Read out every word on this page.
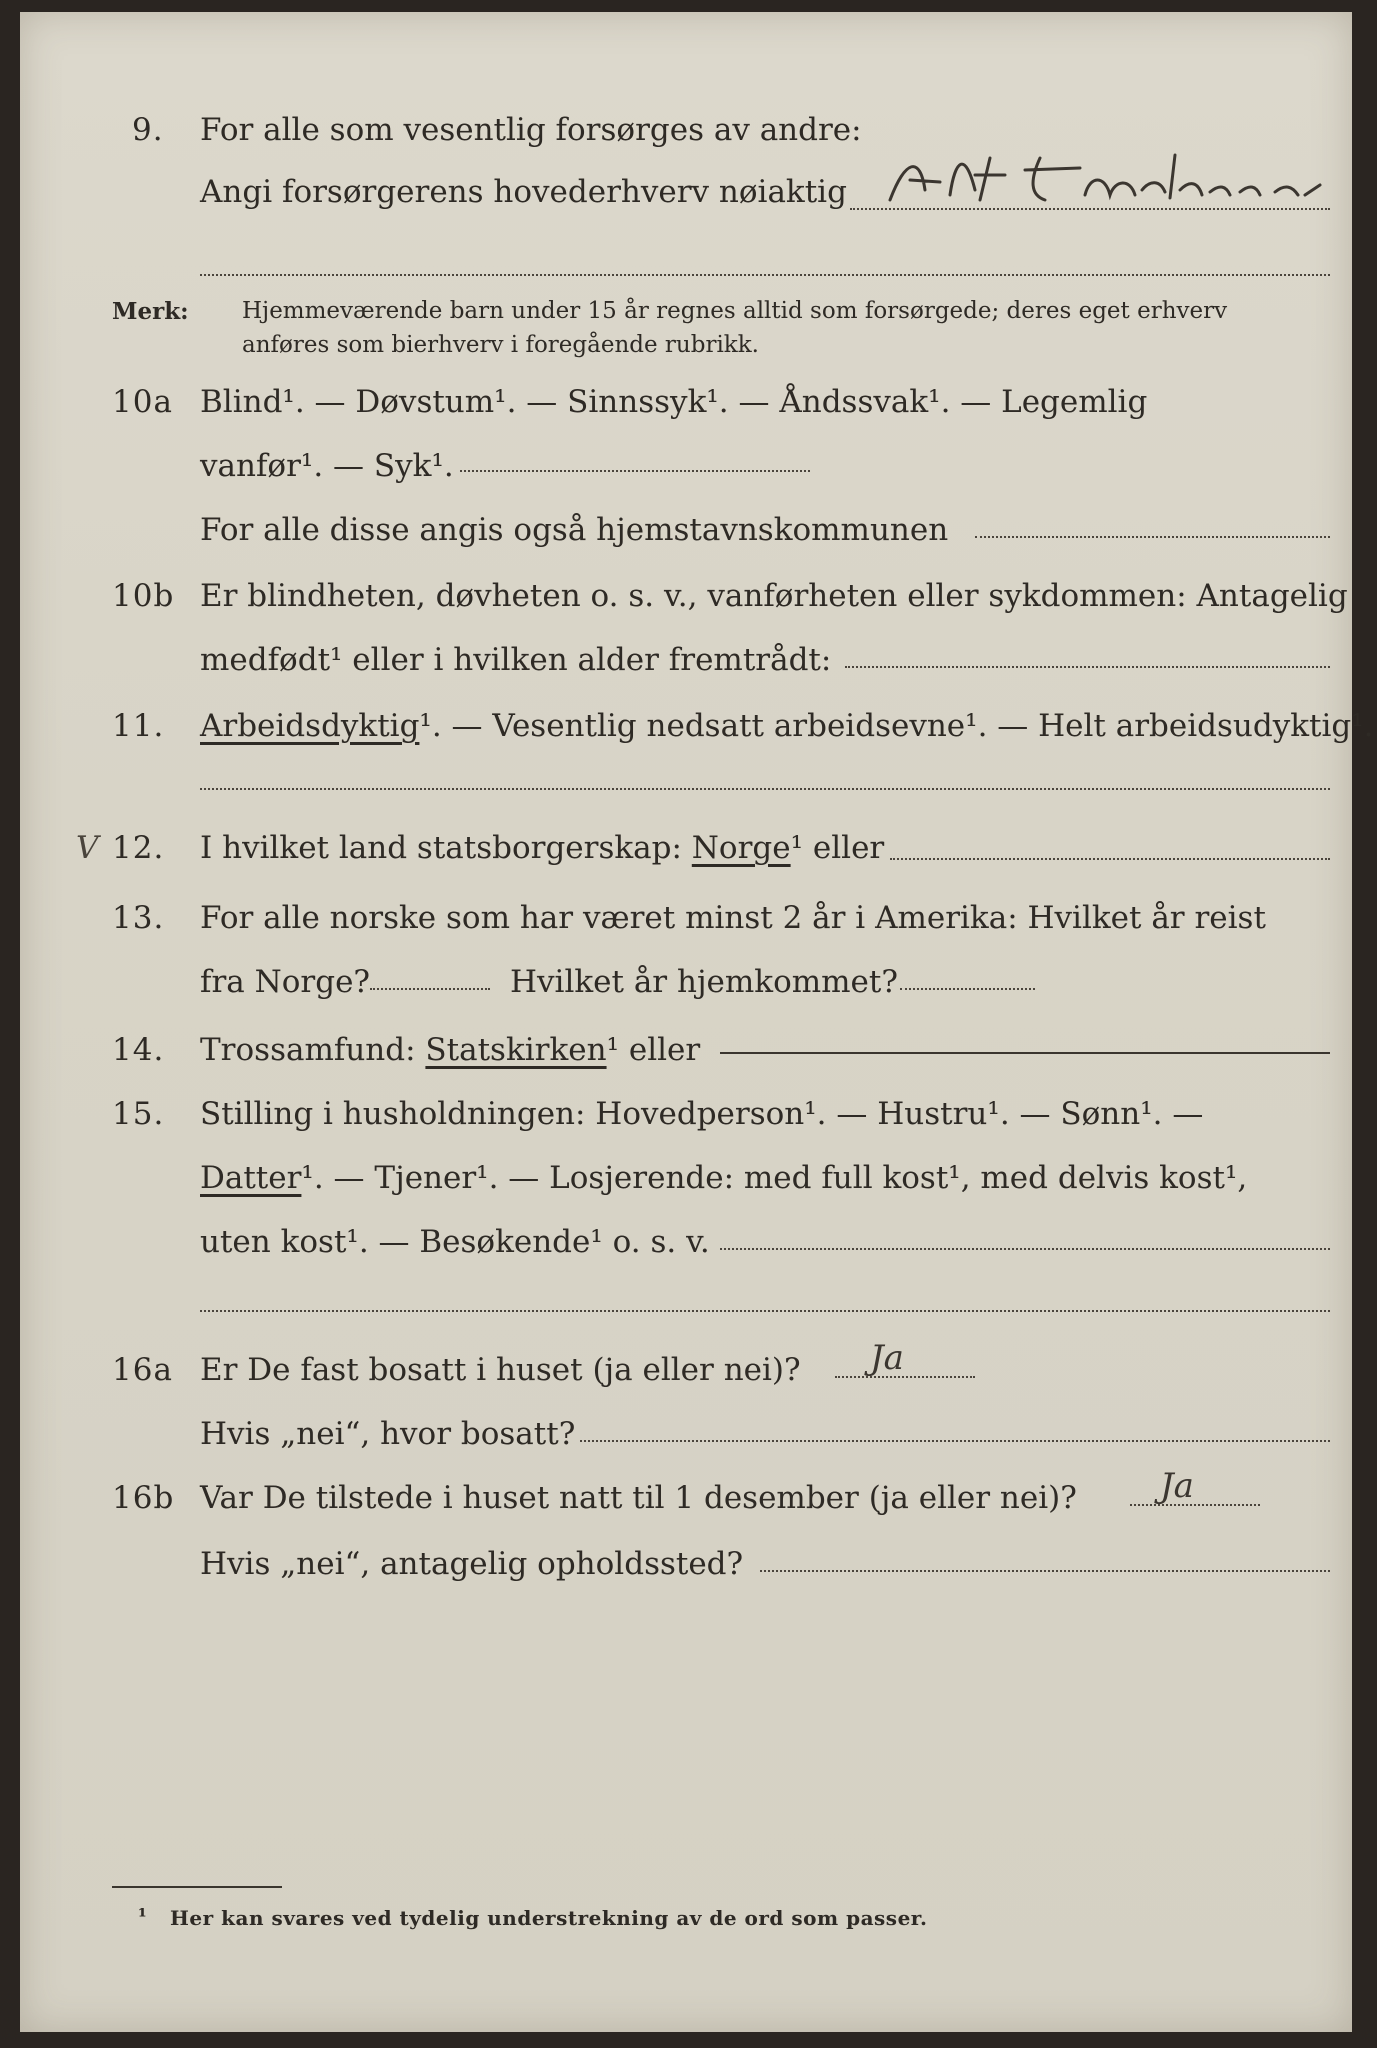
9. For alle som vesentlig forsørges av andre:
Angi forsørgerens hovederhverv nøiaktig
Merk: Hjemmeværende barn under 15 år regnes alltid som forsørgede; deres eget erhverv
anføres som bierhverv i foregående rubrikk.
10a Blind¹. — Døvstum¹. — Sinnssyk¹. — Åndssvak¹. — Legemlig
vanfør¹. — Syk¹.
For alle disse angis også hjemstavnskommunen
10b Er blindheten, døvheten o. s. v., vanførheten eller sykdommen: Antagelig
medfødt¹ eller i hvilken alder fremtrådt:
11. Arbeidsdyktig¹. — Vesentlig nedsatt arbeidsevne¹. — Helt arbeidsudyktig¹.
V 12. I hvilket land statsborgerskap: Norge¹ eller
13. For alle norske som har været minst 2 år i Amerika: Hvilket år reist
fra Norge?	Hvilket år hjemkommet?
14. Trossamfund: Statskirken¹ eller
15. Stilling i husholdningen: Hovedperson¹. — Hustru¹. — Sønn¹. —
Datter¹. — Tjener¹. — Losjerende: med full kost¹, med delvis kost¹,
uten kost¹. — Besøkende¹ o. s. v.
16a Er De fast bosatt i huset (ja eller nei)? Ja
Hvis „nei“, hvor bosatt?
16b Var De tilstede i huset natt til 1 desember (ja eller nei)? Ja
Hvis „nei“, antagelig opholdssted?
¹ Her kan svares ved tydelig understrekning av de ord som passer.
